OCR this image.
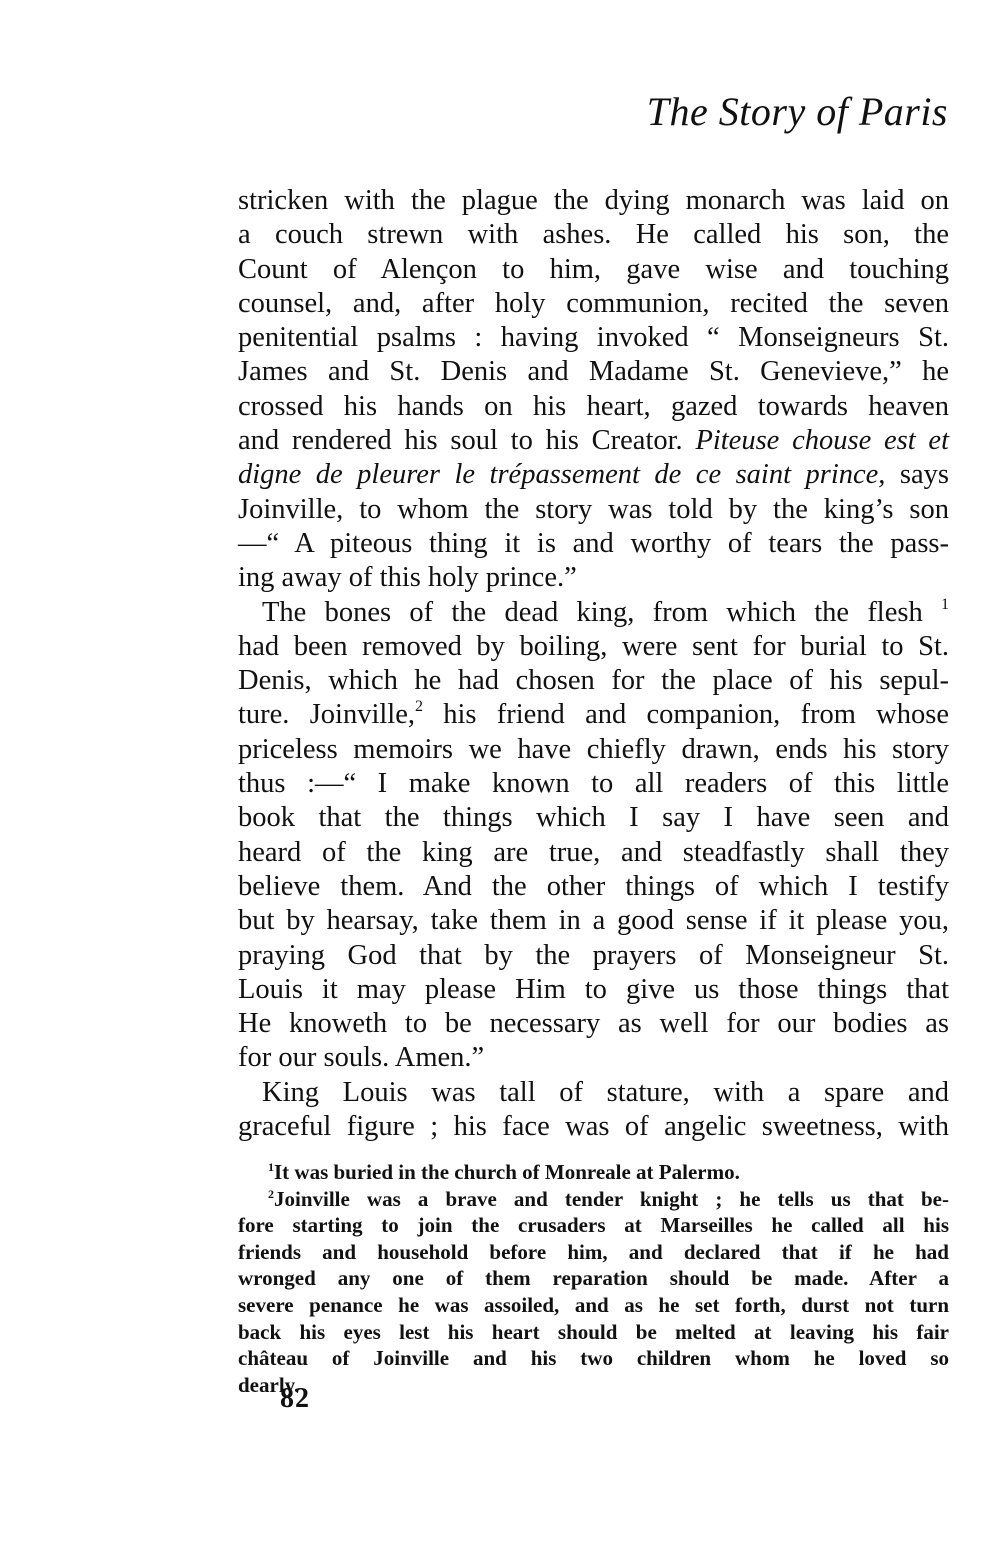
The Story of Paris
stricken with the plague the dying monarch was laid on
a couch strewn with ashes. He called his son, the
Count of Alençon to him, gave wise and touching
counsel, and, after holy communion, recited the seven
penitential psalms : having invoked “ Monseigneurs St.
James and St. Denis and Madame St. Genevieve,” he
crossed his hands on his heart, gazed towards heaven
and rendered his soul to his Creator. Piteuse chouse est et
digne de pleurer le trépassement de ce saint prince, says
Joinville, to whom the story was told by the king’s son
—“ A piteous thing it is and worthy of tears the pass-
ing away of this holy prince.”
The bones of the dead king, from which the flesh $^1$
had been removed by boiling, were sent for burial to St.
Denis, which he had chosen for the place of his sepul-
ture. Joinville,$^2$ his friend and companion, from whose
priceless memoirs we have chiefly drawn, ends his story
thus :—“ I make known to all readers of this little
book that the things which I say I have seen and
heard of the king are true, and steadfastly shall they
believe them. And the other things of which I testify
but by hearsay, take them in a good sense if it please you,
praying God that by the prayers of Monseigneur St.
Louis it may please Him to give us those things that
He knoweth to be necessary as well for our bodies as
for our souls. Amen.”
King Louis was tall of stature, with a spare and
graceful figure ; his face was of angelic sweetness, with
$^1$It was buried in the church of Monreale at Palermo.
$^2$Joinville was a brave and tender knight ; he tells us that be-
fore starting to join the crusaders at Marseilles he called all his
friends and household before him, and declared that if he had
wronged any one of them reparation should be made. After a
severe penance he was assoiled, and as he set forth, durst not turn
back his eyes lest his heart should be melted at leaving his fair
château of Joinville and his two children whom he loved so
dearly.
82
